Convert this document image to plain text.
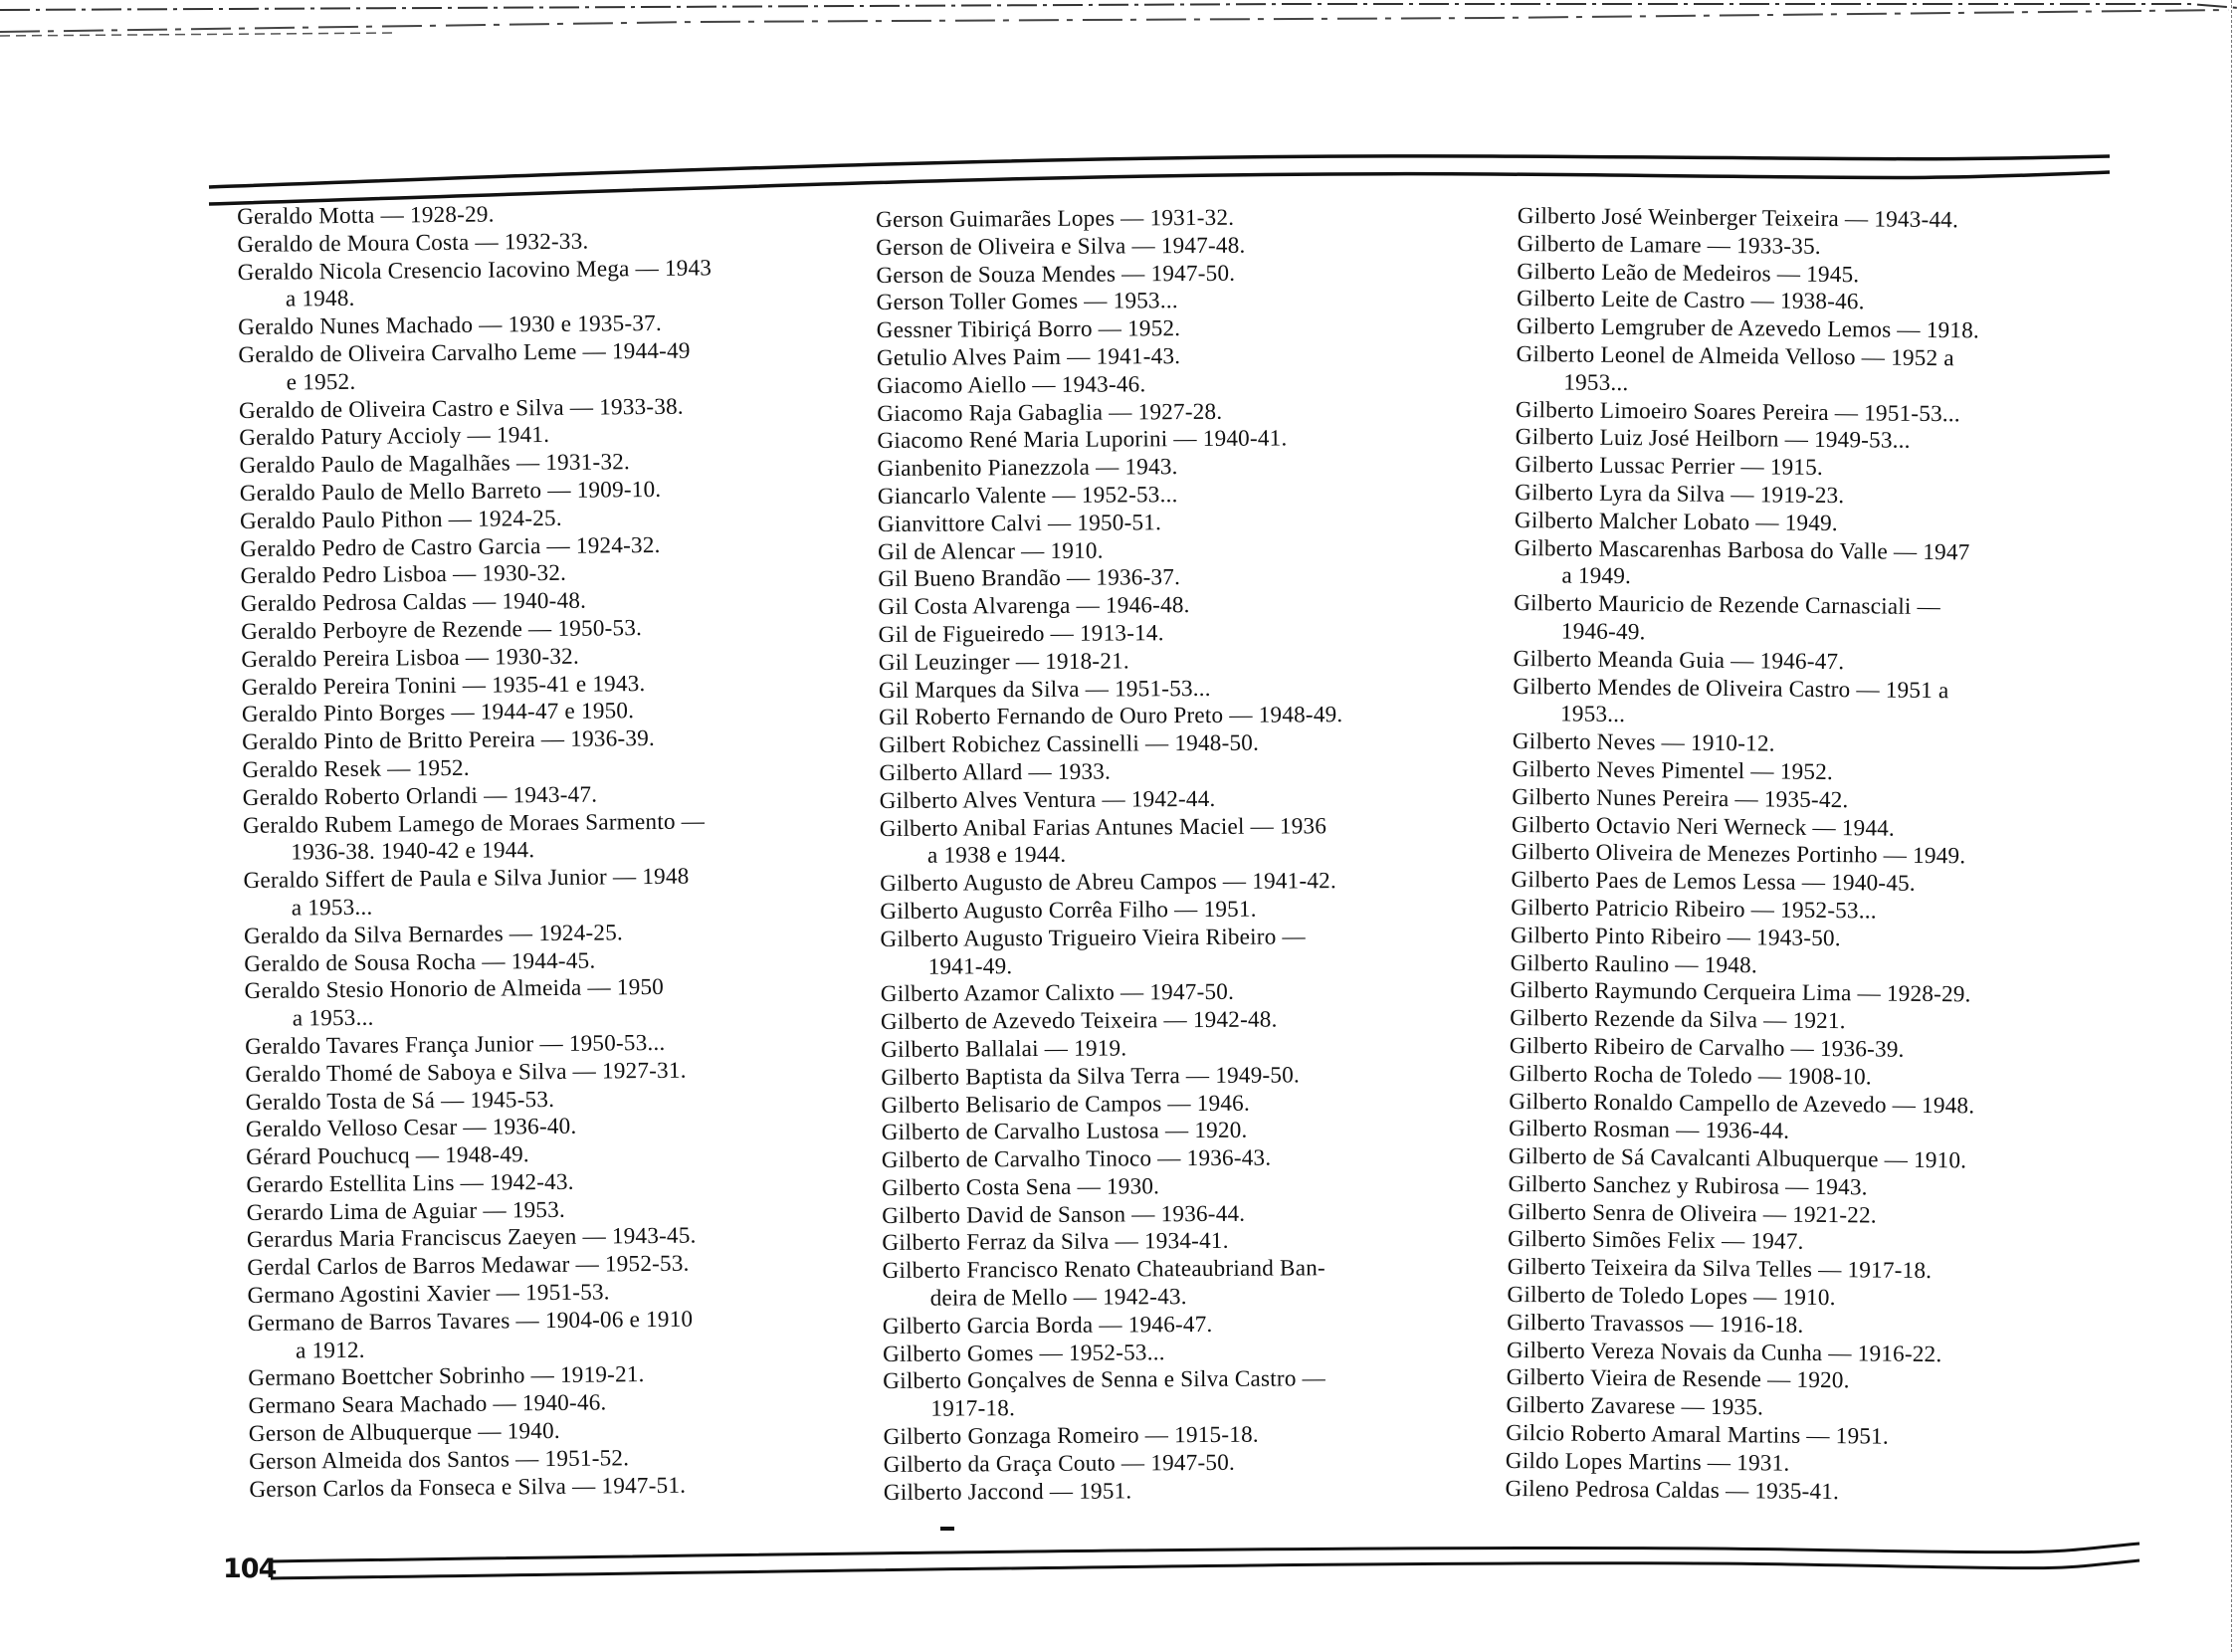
Geraldo Motta — 1928-29.
Geraldo de Moura Costa — 1932-33.
Geraldo Nicola Cresencio Iacovino Mega — 1943
a 1948.
Geraldo Nunes Machado — 1930 e 1935-37.
Geraldo de Oliveira Carvalho Leme — 1944-49
e 1952.
Geraldo de Oliveira Castro e Silva — 1933-38.
Geraldo Patury Accioly — 1941.
Geraldo Paulo de Magalhães — 1931-32.
Geraldo Paulo de Mello Barreto — 1909-10.
Geraldo Paulo Pithon — 1924-25.
Geraldo Pedro de Castro Garcia — 1924-32.
Geraldo Pedro Lisboa — 1930-32.
Geraldo Pedrosa Caldas — 1940-48.
Geraldo Perboyre de Rezende — 1950-53.
Geraldo Pereira Lisboa — 1930-32.
Geraldo Pereira Tonini — 1935-41 e 1943.
Geraldo Pinto Borges — 1944-47 e 1950.
Geraldo Pinto de Britto Pereira — 1936-39.
Geraldo Resek — 1952.
Geraldo Roberto Orlandi — 1943-47.
Geraldo Rubem Lamego de Moraes Sarmento —
1936-38. 1940-42 e 1944.
Geraldo Siffert de Paula e Silva Junior — 1948
a 1953...
Geraldo da Silva Bernardes — 1924-25.
Geraldo de Sousa Rocha — 1944-45.
Geraldo Stesio Honorio de Almeida — 1950
a 1953...
Geraldo Tavares França Junior — 1950-53...
Geraldo Thomé de Saboya e Silva — 1927-31.
Geraldo Tosta de Sá — 1945-53.
Geraldo Velloso Cesar — 1936-40.
Gérard Pouchucq — 1948-49.
Gerardo Estellita Lins — 1942-43.
Gerardo Lima de Aguiar — 1953.
Gerardus Maria Franciscus Zaeyen — 1943-45.
Gerdal Carlos de Barros Medawar — 1952-53.
Germano Agostini Xavier — 1951-53.
Germano de Barros Tavares — 1904-06 e 1910
a 1912.
Germano Boettcher Sobrinho — 1919-21.
Germano Seara Machado — 1940-46.
Gerson de Albuquerque — 1940.
Gerson Almeida dos Santos — 1951-52.
Gerson Carlos da Fonseca e Silva — 1947-51.
Gerson Guimarães Lopes — 1931-32.
Gerson de Oliveira e Silva — 1947-48.
Gerson de Souza Mendes — 1947-50.
Gerson Toller Gomes — 1953...
Gessner Tibiriçá Borro — 1952.
Getulio Alves Paim — 1941-43.
Giacomo Aiello — 1943-46.
Giacomo Raja Gabaglia — 1927-28.
Giacomo René Maria Luporini — 1940-41.
Gianbenito Pianezzola — 1943.
Giancarlo Valente — 1952-53...
Gianvittore Calvi — 1950-51.
Gil de Alencar — 1910.
Gil Bueno Brandão — 1936-37.
Gil Costa Alvarenga — 1946-48.
Gil de Figueiredo — 1913-14.
Gil Leuzinger — 1918-21.
Gil Marques da Silva — 1951-53...
Gil Roberto Fernando de Ouro Preto — 1948-49.
Gilbert Robichez Cassinelli — 1948-50.
Gilberto Allard — 1933.
Gilberto Alves Ventura — 1942-44.
Gilberto Anibal Farias Antunes Maciel — 1936
a 1938 e 1944.
Gilberto Augusto de Abreu Campos — 1941-42.
Gilberto Augusto Corrêa Filho — 1951.
Gilberto Augusto Trigueiro Vieira Ribeiro —
1941-49.
Gilberto Azamor Calixto — 1947-50.
Gilberto de Azevedo Teixeira — 1942-48.
Gilberto Ballalai — 1919.
Gilberto Baptista da Silva Terra — 1949-50.
Gilberto Belisario de Campos — 1946.
Gilberto de Carvalho Lustosa — 1920.
Gilberto de Carvalho Tinoco — 1936-43.
Gilberto Costa Sena — 1930.
Gilberto David de Sanson — 1936-44.
Gilberto Ferraz da Silva — 1934-41.
Gilberto Francisco Renato Chateaubriand Ban-
deira de Mello — 1942-43.
Gilberto Garcia Borda — 1946-47.
Gilberto Gomes — 1952-53...
Gilberto Gonçalves de Senna e Silva Castro —
1917-18.
Gilberto Gonzaga Romeiro — 1915-18.
Gilberto da Graça Couto — 1947-50.
Gilberto Jaccond — 1951.
Gilberto José Weinberger Teixeira — 1943-44.
Gilberto de Lamare — 1933-35.
Gilberto Leão de Medeiros — 1945.
Gilberto Leite de Castro — 1938-46.
Gilberto Lemgruber de Azevedo Lemos — 1918.
Gilberto Leonel de Almeida Velloso — 1952 a
1953...
Gilberto Limoeiro Soares Pereira — 1951-53...
Gilberto Luiz José Heilborn — 1949-53...
Gilberto Lussac Perrier — 1915.
Gilberto Lyra da Silva — 1919-23.
Gilberto Malcher Lobato — 1949.
Gilberto Mascarenhas Barbosa do Valle — 1947
a 1949.
Gilberto Mauricio de Rezende Carnasciali —
1946-49.
Gilberto Meanda Guia — 1946-47.
Gilberto Mendes de Oliveira Castro — 1951 a
1953...
Gilberto Neves — 1910-12.
Gilberto Neves Pimentel — 1952.
Gilberto Nunes Pereira — 1935-42.
Gilberto Octavio Neri Werneck — 1944.
Gilberto Oliveira de Menezes Portinho — 1949.
Gilberto Paes de Lemos Lessa — 1940-45.
Gilberto Patricio Ribeiro — 1952-53...
Gilberto Pinto Ribeiro — 1943-50.
Gilberto Raulino — 1948.
Gilberto Raymundo Cerqueira Lima — 1928-29.
Gilberto Rezende da Silva — 1921.
Gilberto Ribeiro de Carvalho — 1936-39.
Gilberto Rocha de Toledo — 1908-10.
Gilberto Ronaldo Campello de Azevedo — 1948.
Gilberto Rosman — 1936-44.
Gilberto de Sá Cavalcanti Albuquerque — 1910.
Gilberto Sanchez y Rubirosa — 1943.
Gilberto Senra de Oliveira — 1921-22.
Gilberto Simões Felix — 1947.
Gilberto Teixeira da Silva Telles — 1917-18.
Gilberto de Toledo Lopes — 1910.
Gilberto Travassos — 1916-18.
Gilberto Vereza Novais da Cunha — 1916-22.
Gilberto Vieira de Resende — 1920.
Gilberto Zavarese — 1935.
Gilcio Roberto Amaral Martins — 1951.
Gildo Lopes Martins — 1931.
Gileno Pedrosa Caldas — 1935-41.
104
